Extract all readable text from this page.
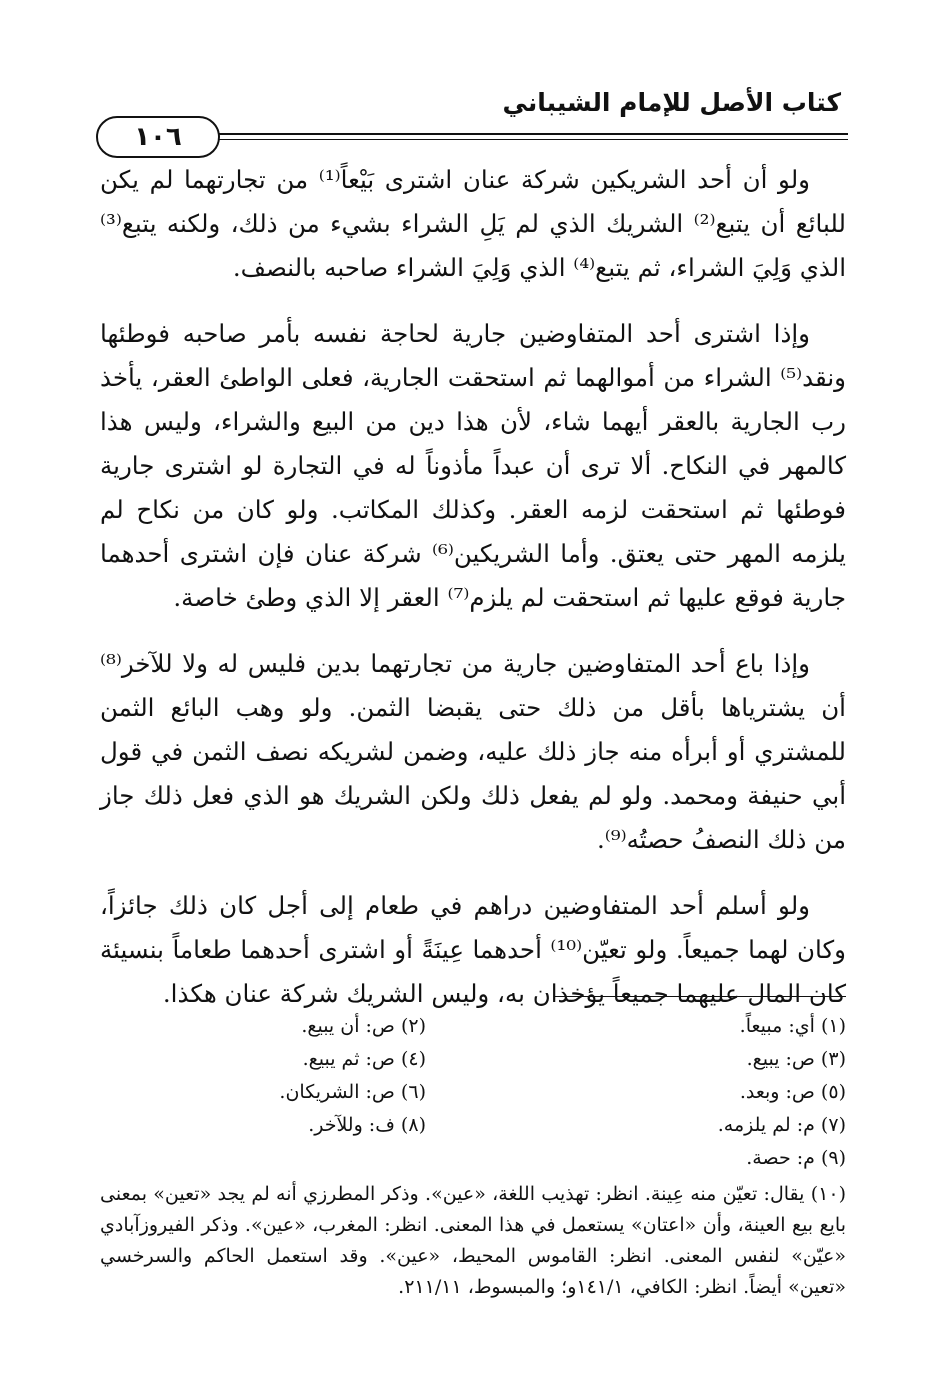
كتاب الأصل للإمام الشيباني
١٠٦

ولو أن أحد الشريكين شركة عنان اشترى بَيْعاً⁽¹⁾ من تجارتهما لم يكن للبائع أن يتبع⁽²⁾ الشريك الذي لم يَلِ الشراء بشيء من ذلك، ولكنه يتبع⁽³⁾ الذي وَلِيَ الشراء، ثم يتبع⁽⁴⁾ الذي وَلِيَ الشراء صاحبه بالنصف.

وإذا اشترى أحد المتفاوضين جارية لحاجة نفسه بأمر صاحبه فوطئها ونقد⁽⁵⁾ الشراء من أموالهما ثم استحقت الجارية، فعلى الواطئ العقر، يأخذ رب الجارية بالعقر أيهما شاء، لأن هذا دين من البيع والشراء، وليس هذا كالمهر في النكاح. ألا ترى أن عبداً مأذوناً له في التجارة لو اشترى جارية فوطئها ثم استحقت لزمه العقر. وكذلك المكاتب. ولو كان من نكاح لم يلزمه المهر حتى يعتق. وأما الشريكين⁽⁶⁾ شركة عنان فإن اشترى أحدهما جارية فوقع عليها ثم استحقت لم يلزم⁽⁷⁾ العقر إلا الذي وطئ خاصة.

وإذا باع أحد المتفاوضين جارية من تجارتهما بدين فليس له ولا للآخر⁽⁸⁾ أن يشترياها بأقل من ذلك حتى يقبضا الثمن. ولو وهب البائع الثمن للمشتري أو أبرأه منه جاز ذلك عليه، وضمن لشريكه نصف الثمن في قول أبي حنيفة ومحمد. ولو لم يفعل ذلك ولكن الشريك هو الذي فعل ذلك جاز من ذلك النصفُ حصتُه⁽⁹⁾.

ولو أسلم أحد المتفاوضين دراهم في طعام إلى أجل كان ذلك جائزاً، وكان لهما جميعاً. ولو تعيّن⁽¹⁰⁾ أحدهما عِينَةً أو اشترى أحدهما طعاماً بنسيئة كان المال عليهما جميعاً يؤخذان به، وليس الشريك شركة عنان هكذا.

(١) أي: مبيعاً.
(٣) ص: يبيع.
(٥) ص: وبعد.
(٧) م: لم يلزمه.
(٩) م: حصة.
(٢) ص: أن يبيع.
(٤) ص: ثم يبيع.
(٦) ص: الشريكان.
(٨) ف: وللآخر.
(١٠) يقال: تعيّن منه عِينة. انظر: تهذيب اللغة، «عين». وذكر المطرزي أنه لم يجد «تعين» بمعنى بايع بيع العينة، وأن «اعتان» يستعمل في هذا المعنى. انظر: المغرب، «عين». وذكر الفيروزآبادي «عيّن» لنفس المعنى. انظر: القاموس المحيط، «عين». وقد استعمل الحاكم والسرخسي «تعين» أيضاً. انظر: الكافي، ١٤١/١و؛ والمبسوط، ٢١١/١١.
